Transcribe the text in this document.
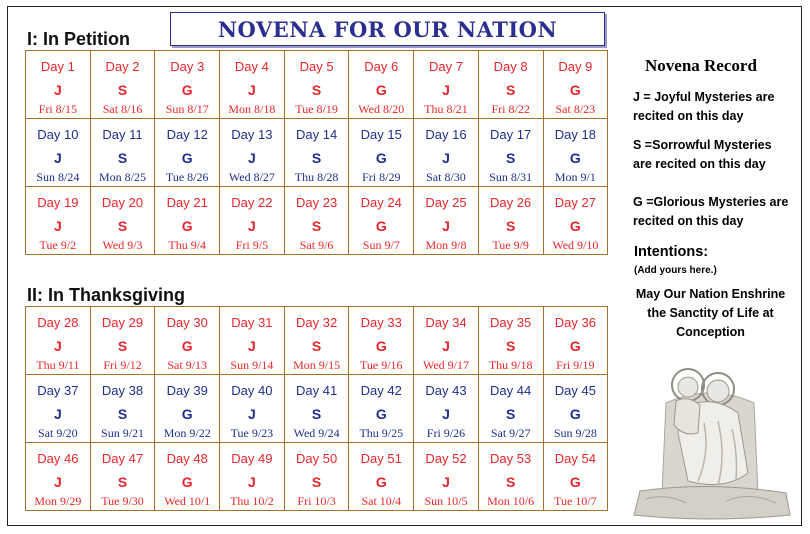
NOVENA FOR OUR NATION
I: In Petition
Day 1
J
Fri 8/15
Day 2
S
Sat 8/16
Day 3
G
Sun 8/17
Day 4
J
Mon 8/18
Day 5
S
Tue 8/19
Day 6
G
Wed 8/20
Day 7
J
Thu 8/21
Day 8
S
Fri 8/22
Day 9
G
Sat 8/23
Day 10
J
Sun 8/24
Day 11
S
Mon 8/25
Day 12
G
Tue 8/26
Day 13
J
Wed 8/27
Day 14
S
Thu 8/28
Day 15
G
Fri 8/29
Day 16
J
Sat 8/30
Day 17
S
Sun 8/31
Day 18
G
Mon 9/1
Day 19
J
Tue 9/2
Day 20
S
Wed 9/3
Day 21
G
Thu 9/4
Day 22
J
Fri 9/5
Day 23
S
Sat 9/6
Day 24
G
Sun 9/7
Day 25
J
Mon 9/8
Day 26
S
Tue 9/9
Day 27
G
Wed 9/10
II: In Thanksgiving
Day 28
J
Thu 9/11
Day 29
S
Fri 9/12
Day 30
G
Sat 9/13
Day 31
J
Sun 9/14
Day 32
S
Mon 9/15
Day 33
G
Tue 9/16
Day 34
J
Wed 9/17
Day 35
S
Thu 9/18
Day 36
G
Fri 9/19
Day 37
J
Sat 9/20
Day 38
S
Sun 9/21
Day 39
G
Mon 9/22
Day 40
J
Tue 9/23
Day 41
S
Wed 9/24
Day 42
G
Thu 9/25
Day 43
J
Fri 9/26
Day 44
S
Sat 9/27
Day 45
G
Sun 9/28
Day 46
J
Mon 9/29
Day 47
S
Tue 9/30
Day 48
G
Wed 10/1
Day 49
J
Thu 10/2
Day 50
S
Fri 10/3
Day 51
G
Sat 10/4
Day 52
J
Sun 10/5
Day 53
S
Mon 10/6
Day 54
G
Tue 10/7
Novena Record
J = Joyful Mysteries are recited on this day
S =Sorrowful Mysteries are recited on this day
G =Glorious Mysteries are recited on this day
Intentions:
(Add yours here.)
May Our Nation Enshrine the Sanctity of Life at Conception
